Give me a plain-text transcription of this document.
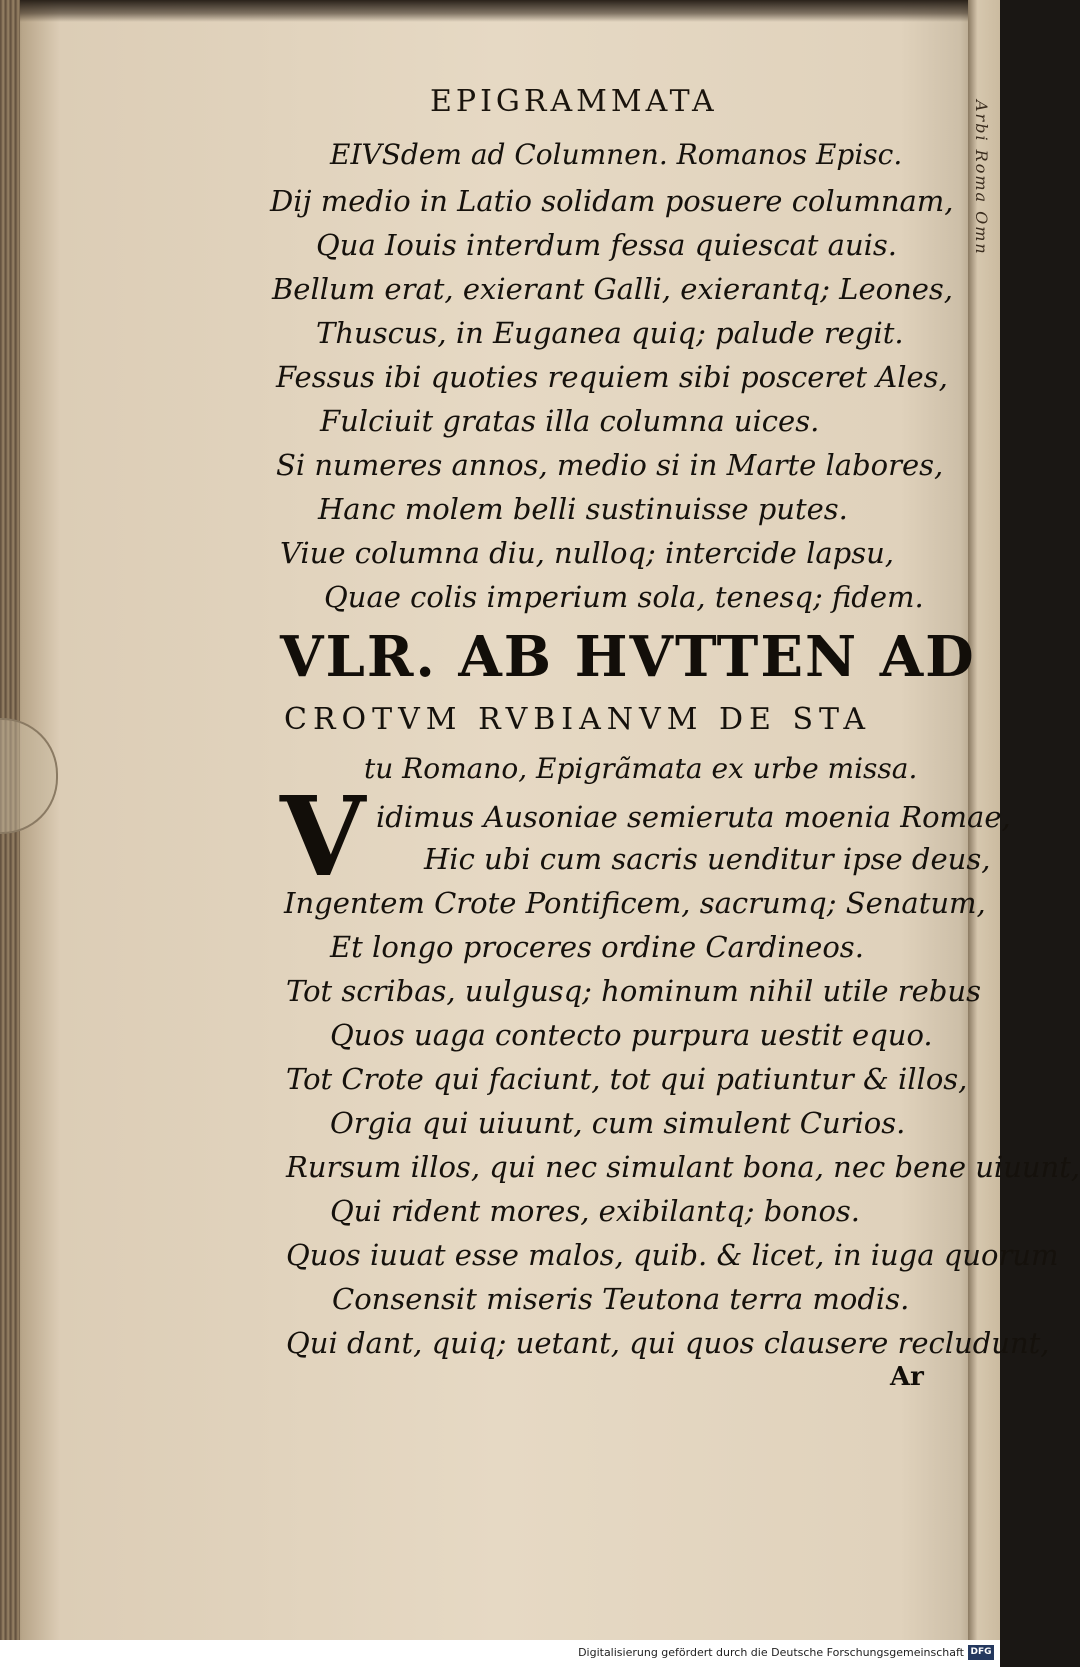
Arbi Roma Omn
EPIGRAMMATA
EIVSdem ad Columnen. Romanos Episc.
Dij medio in Latio solidam posuere columnam,
Qua Iouis interdum fessa quiescat auis.
Bellum erat, exierant Galli, exierantq; Leones,
Thuscus, in Euganea quiq; palude regit.
Fessus ibi quoties requiem sibi posceret Ales,
Fulciuit gratas illa columna uices.
Si numeres annos, medio si in Marte labores,
Hanc molem belli sustinuisse putes.
Viue columna diu, nulloq; intercide lapsu,
Quae colis imperium sola, tenesq; fidem.
VLR. AB HVTTEN AD
CROTVM RVBIANVM DE STA
tu Romano, Epigrãmata ex urbe missa.
V idimus Ausoniae semieruta moenia Romae,
Hic ubi cum sacris uenditur ipse deus,
Ingentem Crote Pontificem, sacrumq; Senatum,
Et longo proceres ordine Cardineos.
Tot scribas, uulgusq; hominum nihil utile rebus
Quos uaga contecto purpura uestit equo.
Tot Crote qui faciunt, tot qui patiuntur & illos,
Orgia qui uiuunt, cum simulent Curios.
Rursum illos, qui nec simulant bona, nec bene uiuunt,
Qui rident mores, exibilantq; bonos.
Quos iuuat esse malos, quib. & licet, in iuga quorum
Consensit miseris Teutona terra modis.
Qui dant, quiq; uetant, qui quos clausere recludunt,
Ar
Digitalisierung gefördert durch die Deutsche Forschungsgemeinschaft DFG
